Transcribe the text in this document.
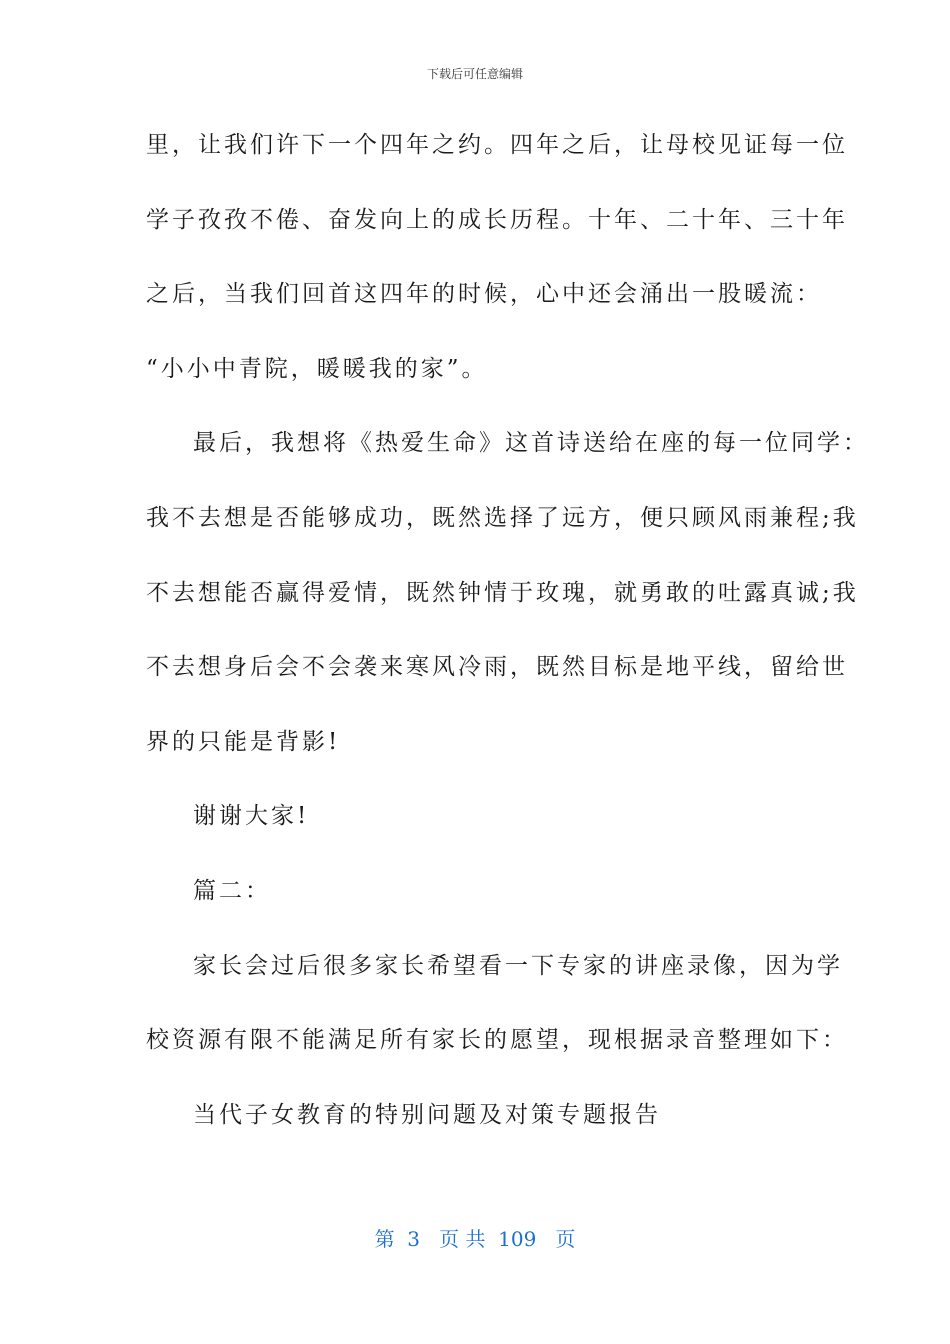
下载后可任意编辑
里，让我们许下一个四年之约。四年之后，让母校见证每一位
学子孜孜不倦、奋发向上的成长历程。十年、二十年、三十年
之后，当我们回首这四年的时候，心中还会涌出一股暖流：
“小小中青院，暖暖我的家”。
最后，我想将《热爱生命》这首诗送给在座的每一位同学：
我不去想是否能够成功，既然选择了远方，便只顾风雨兼程;我
不去想能否赢得爱情，既然钟情于玫瑰，就勇敢的吐露真诚;我
不去想身后会不会袭来寒风冷雨，既然目标是地平线，留给世
界的只能是背影!
谢谢大家!
篇二：
家长会过后很多家长希望看一下专家的讲座录像，因为学
校资源有限不能满足所有家长的愿望，现根据录音整理如下：
当代子女教育的特别问题及对策专题报告
第  3   页 共  109   页
